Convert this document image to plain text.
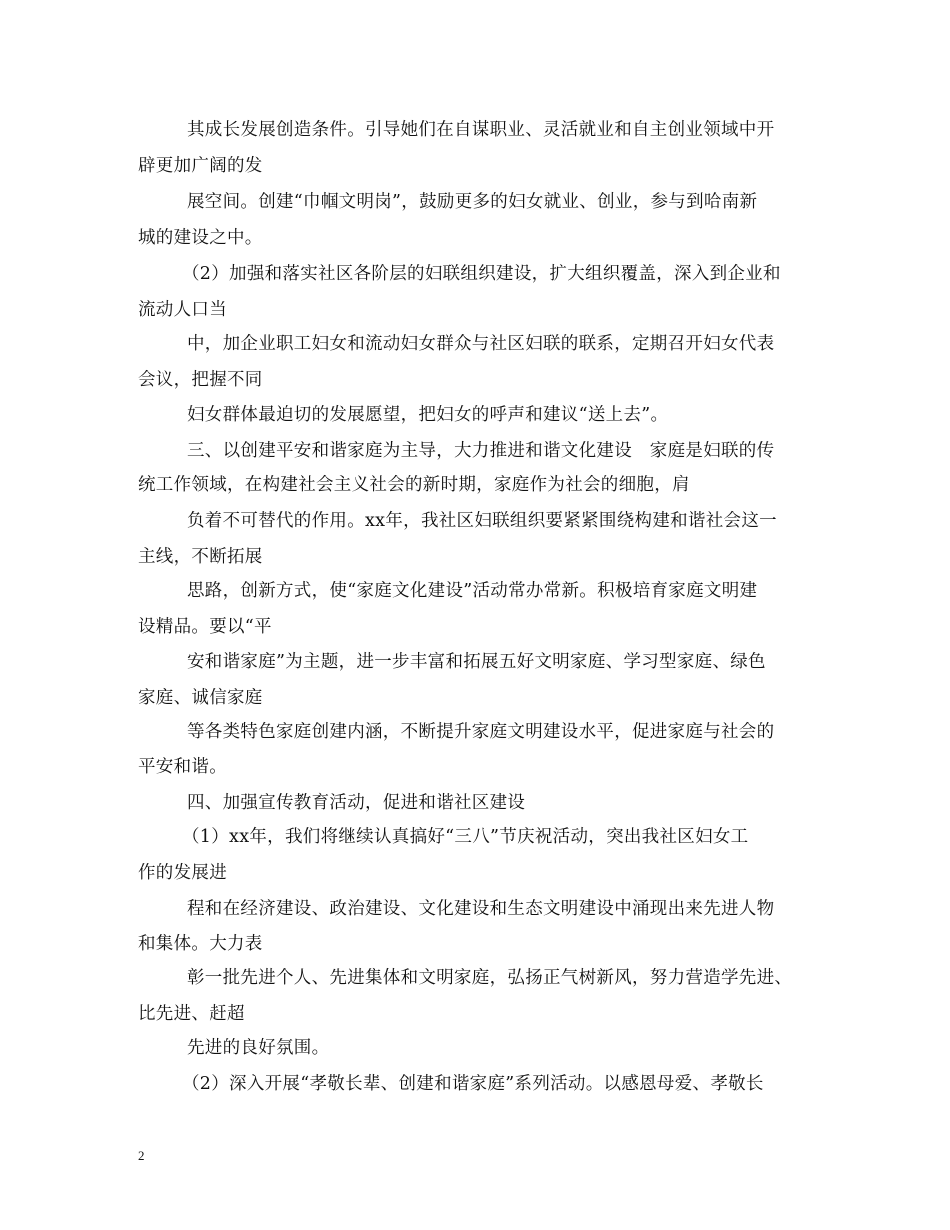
其成长发展创造条件。引导她们在自谋职业、灵活就业和自主创业领域中开

辟更加广阔的发

展空间。创建“巾帼文明岗”，鼓励更多的妇女就业、创业，参与到哈南新

城的建设之中。

（2）加强和落实社区各阶层的妇联组织建设，扩大组织覆盖，深入到企业和

流动人口当

中，加企业职工妇女和流动妇女群众与社区妇联的联系，定期召开妇女代表

会议，把握不同

妇女群体最迫切的发展愿望，把妇女的呼声和建议“送上去”。

三、以创建平安和谐家庭为主导，大力推进和谐文化建设　家庭是妇联的传

统工作领域，在构建社会主义社会的新时期，家庭作为社会的细胞，肩

负着不可替代的作用。xx年，我社区妇联组织要紧紧围绕构建和谐社会这一

主线，不断拓展

思路，创新方式，使“家庭文化建设”活动常办常新。积极培育家庭文明建

设精品。要以“平

安和谐家庭”为主题，进一步丰富和拓展五好文明家庭、学习型家庭、绿色

家庭、诚信家庭

等各类特色家庭创建内涵，不断提升家庭文明建设水平，促进家庭与社会的

平安和谐。

四、加强宣传教育活动，促进和谐社区建设

（1）xx年，我们将继续认真搞好“三八”节庆祝活动，突出我社区妇女工

作的发展进

程和在经济建设、政治建设、文化建设和生态文明建设中涌现出来先进人物

和集体。大力表

彰一批先进个人、先进集体和文明家庭，弘扬正气树新风，努力营造学先进、

比先进、赶超

先进的良好氛围。

（2）深入开展“孝敬长辈、创建和谐家庭”系列活动。以感恩母爱、孝敬长

2
